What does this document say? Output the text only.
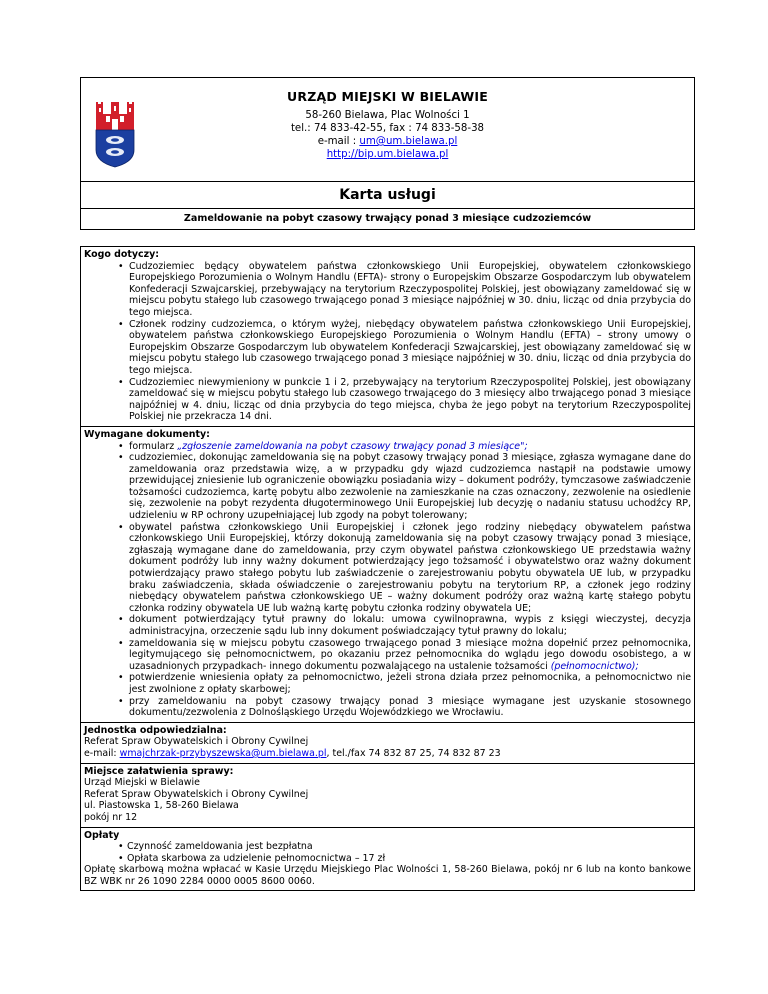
URZĄD MIEJSKI W BIELAWIE
58-260 Bielawa, Plac Wolności 1
tel.: 74 833-42-55, fax : 74 833-58-38
e-mail : um@um.bielawa.pl
http://bip.um.bielawa.pl

Karta usługi
Zameldowanie na pobyt czasowy trwający ponad 3 miesiące cudzoziemców

Kogo dotyczy:
• Cudzoziemiec będący obywatelem państwa członkowskiego Unii Europejskiej, obywatelem członkowskiego Europejskiego Porozumienia o Wolnym Handlu (EFTA)- strony o Europejskim Obszarze Gospodarczym lub obywatelem Konfederacji Szwajcarskiej, przebywający na terytorium Rzeczypospolitej Polskiej, jest obowiązany zameldować się w miejscu pobytu stałego lub czasowego trwającego ponad 3 miesiące najpóźniej w 30. dniu, licząc od dnia przybycia do tego miejsca.
• Członek rodziny cudzoziemca, o którym wyżej, niebędący obywatelem państwa członkowskiego Unii Europejskiej, obywatelem państwa członkowskiego Europejskiego Porozumienia o Wolnym Handlu (EFTA) – strony umowy o Europejskim Obszarze Gospodarczym lub obywatelem Konfederacji Szwajcarskiej, jest obowiązany zameldować się w miejscu pobytu stałego lub czasowego trwającego ponad 3 miesiące najpóźniej w 30. dniu, licząc od dnia przybycia do tego miejsca.
• Cudzoziemiec niewymieniony w punkcie 1 i 2, przebywający na terytorium Rzeczypospolitej Polskiej, jest obowiązany zameldować się w miejscu pobytu stałego lub czasowego trwającego do 3 miesięcy albo trwającego ponad 3 miesiące najpóźniej w 4. dniu, licząc od dnia przybycia do tego miejsca, chyba że jego pobyt na terytorium Rzeczypospolitej Polskiej nie przekracza 14 dni.

Wymagane dokumenty:
• formularz „zgłoszenie zameldowania na pobyt czasowy trwający ponad 3 miesiące";
• cudzoziemiec, dokonując zameldowania się na pobyt czasowy trwający ponad 3 miesiące, zgłasza wymagane dane do zameldowania oraz przedstawia wizę, a w przypadku gdy wjazd cudzoziemca nastąpił na podstawie umowy przewidującej zniesienie lub ograniczenie obowiązku posiadania wizy – dokument podróży, tymczasowe zaświadczenie tożsamości cudzoziemca, kartę pobytu albo zezwolenie na zamieszkanie na czas oznaczony, zezwolenie na osiedlenie się, zezwolenie na pobyt rezydenta długoterminowego Unii Europejskiej lub decyzję o nadaniu statusu uchodźcy RP, udzieleniu w RP ochrony uzupełniającej lub zgody na pobyt tolerowany;
• obywatel państwa członkowskiego Unii Europejskiej i członek jego rodziny niebędący obywatelem państwa członkowskiego Unii Europejskiej, którzy dokonują zameldowania się na pobyt czasowy trwający ponad 3 miesiące, zgłaszają wymagane dane do zameldowania, przy czym obywatel państwa członkowskiego UE przedstawia ważny dokument podróży lub inny ważny dokument potwierdzający jego tożsamość i obywatelstwo oraz ważny dokument potwierdzający prawo stałego pobytu lub zaświadczenie o zarejestrowaniu pobytu obywatela UE lub, w przypadku braku zaświadczenia, składa oświadczenie o zarejestrowaniu pobytu na terytorium RP, a członek jego rodziny niebędący obywatelem państwa członkowskiego UE – ważny dokument podróży oraz ważną kartę stałego pobytu członka rodziny obywatela UE lub ważną kartę pobytu członka rodziny obywatela UE;
• dokument potwierdzający tytuł prawny do lokalu: umowa cywilnoprawna, wypis z księgi wieczystej, decyzja administracyjna, orzeczenie sądu lub inny dokument poświadczający tytuł prawny do lokalu;
• zameldowania się w miejscu pobytu czasowego trwającego ponad 3 miesiące można dopełnić przez pełnomocnika, legitymującego się pełnomocnictwem, po okazaniu przez pełnomocnika do wglądu jego dowodu osobistego, a w uzasadnionych przypadkach- innego dokumentu pozwalającego na ustalenie tożsamości (pełnomocnictwo);
• potwierdzenie wniesienia opłaty za pełnomocnictwo, jeżeli strona działa przez pełnomocnika, a pełnomocnictwo nie jest zwolnione z opłaty skarbowej;
• przy zameldowaniu na pobyt czasowy trwający ponad 3 miesiące wymagane jest uzyskanie stosownego dokumentu/zezwolenia z Dolnośląskiego Urzędu Wojewódzkiego we Wrocławiu.

Jednostka odpowiedzialna:
Referat Spraw Obywatelskich i Obrony Cywilnej
e-mail: wmajchrzak-przybyszewska@um.bielawa.pl, tel./fax 74 832 87 25, 74 832 87 23

Miejsce załatwienia sprawy:
Urząd Miejski w Bielawie
Referat Spraw Obywatelskich i Obrony Cywilnej
ul. Piastowska 1, 58-260 Bielawa
pokój nr 12

Opłaty
• Czynność zameldowania jest bezpłatna
• Opłata skarbowa za udzielenie pełnomocnictwa – 17 zł
Opłatę skarbową można wpłacać w Kasie Urzędu Miejskiego Plac Wolności 1, 58-260 Bielawa, pokój nr 6 lub na konto bankowe BZ WBK nr 26 1090 2284 0000 0005 8600 0060.
